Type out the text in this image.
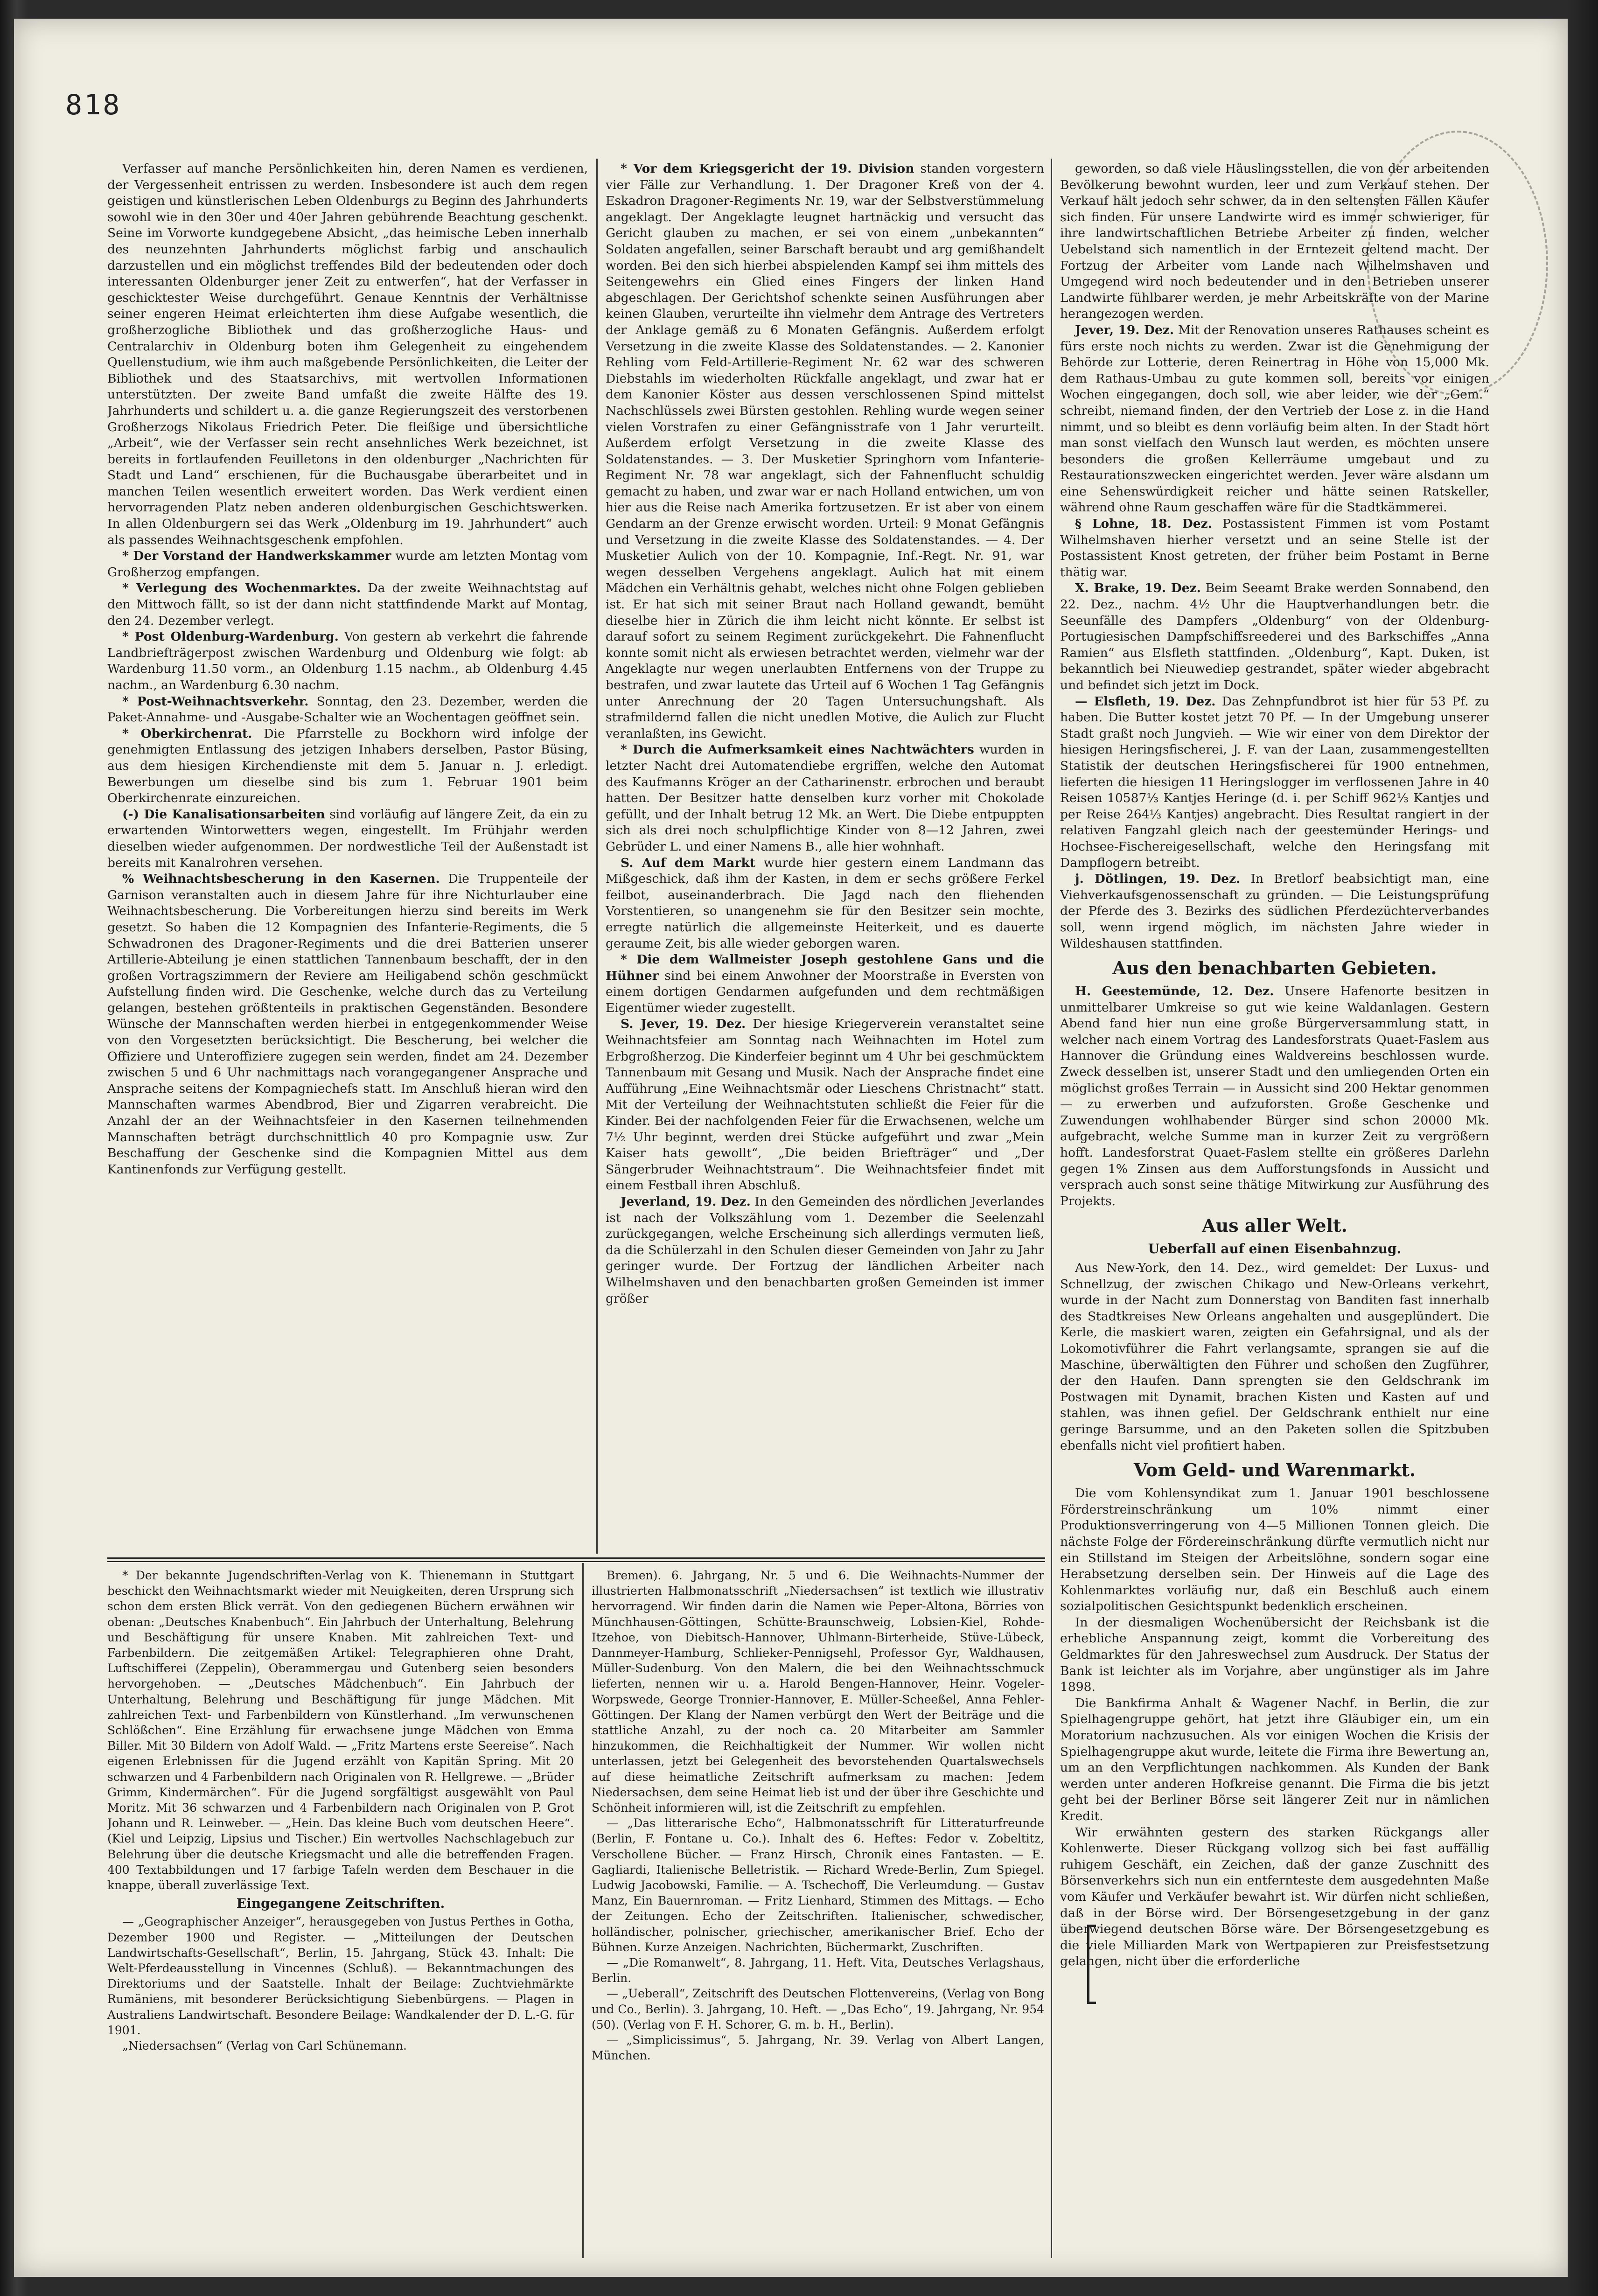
818

Verfasser auf manche Persönlichkeiten hin, deren Namen es verdienen, der Vergessenheit entrissen zu werden. Insbesondere ist auch dem regen geistigen und künstlerischen Leben Oldenburgs zu Beginn des Jahrhunderts sowohl wie in den 30er und 40er Jahren gebührende Beachtung geschenkt. Seine im Vorworte kundgegebene Absicht, „das heimische Leben innerhalb des neunzehnten Jahrhunderts möglichst farbig und anschaulich darzustellen und ein möglichst treffendes Bild der bedeutenden oder doch interessanten Oldenburger jener Zeit zu entwerfen“, hat der Verfasser in geschicktester Weise durchgeführt. Genaue Kenntnis der Verhältnisse seiner engeren Heimat erleichterten ihm diese Aufgabe wesentlich, die großherzogliche Bibliothek und das großherzogliche Haus- und Centralarchiv in Oldenburg boten ihm Gelegenheit zu eingehendem Quellenstudium, wie ihm auch maßgebende Persönlichkeiten, die Leiter der Bibliothek und des Staatsarchivs, mit wertvollen Informationen unterstützten. Der zweite Band umfaßt die zweite Hälfte des 19. Jahrhunderts und schildert u. a. die ganze Regierungszeit des verstorbenen Großherzogs Nikolaus Friedrich Peter. Die fleißige und übersichtliche „Arbeit“, wie der Verfasser sein recht ansehnliches Werk bezeichnet, ist bereits in fortlaufenden Feuilletons in den oldenburger „Nachrichten für Stadt und Land“ erschienen, für die Buchausgabe überarbeitet und in manchen Teilen wesentlich erweitert worden. Das Werk verdient einen hervorragenden Platz neben anderen oldenburgischen Geschichtswerken. In allen Oldenburgern sei das Werk „Oldenburg im 19. Jahrhundert“ auch als passendes Weihnachtsgeschenk empfohlen.

* Der Vorstand der Handwerkskammer wurde am letzten Montag vom Großherzog empfangen.

* Verlegung des Wochenmarktes. Da der zweite Weihnachtstag auf den Mittwoch fällt, so ist der dann nicht stattfindende Markt auf Montag, den 24. Dezember verlegt.

* Post Oldenburg-Wardenburg. Von gestern ab verkehrt die fahrende Landbriefträgerpost zwischen Wardenburg und Oldenburg wie folgt: ab Wardenburg 11.50 vorm., an Oldenburg 1.15 nachm., ab Oldenburg 4.45 nachm., an Wardenburg 6.30 nachm.

* Post-Weihnachtsverkehr. Sonntag, den 23. Dezember, werden die Paket-Annahme- und -Ausgabe-Schalter wie an Wochentagen geöffnet sein.

* Oberkirchenrat. Die Pfarrstelle zu Bockhorn wird infolge der genehmigten Entlassung des jetzigen Inhabers derselben, Pastor Büsing, aus dem hiesigen Kirchendienste mit dem 5. Januar n. J. erledigt. Bewerbungen um dieselbe sind bis zum 1. Februar 1901 beim Oberkirchenrate einzureichen.

(-) Die Kanalisationsarbeiten sind vorläufig auf längere Zeit, da ein zu erwartenden Wintorwetters wegen, eingestellt. Im Frühjahr werden dieselben wieder aufgenommen. Der nordwestliche Teil der Außenstadt ist bereits mit Kanalrohren versehen.

% Weihnachtsbescherung in den Kasernen. Die Truppenteile der Garnison veranstalten auch in diesem Jahre für ihre Nichturlauber eine Weihnachtsbescherung. Die Vorbereitungen hierzu sind bereits im Werk gesetzt. So haben die 12 Kompagnien des Infanterie-Regiments, die 5 Schwadronen des Dragoner-Regiments und die drei Batterien unserer Artillerie-Abteilung je einen stattlichen Tannenbaum beschafft, der in den großen Vortragszimmern der Reviere am Heiligabend schön geschmückt Aufstellung finden wird. Die Geschenke, welche durch das zu Verteilung gelangen, bestehen größtenteils in praktischen Gegenständen. Besondere Wünsche der Mannschaften werden hierbei in entgegenkommender Weise von den Vorgesetzten berücksichtigt. Die Bescherung, bei welcher die Offiziere und Unteroffiziere zugegen sein werden, findet am 24. Dezember zwischen 5 und 6 Uhr nachmittags nach vorangegangener Ansprache und Ansprache seitens der Kompagniechefs statt. Im Anschluß hieran wird den Mannschaften warmes Abendbrod, Bier und Zigarren verabreicht. Die Anzahl der an der Weihnachtsfeier in den Kasernen teilnehmenden Mannschaften beträgt durchschnittlich 40 pro Kompagnie usw. Zur Beschaffung der Geschenke sind die Kompagnien Mittel aus dem Kantinenfonds zur Verfügung gestellt.

* Vor dem Kriegsgericht der 19. Division standen vorgestern vier Fälle zur Verhandlung. 1. Der Dragoner Kreß von der 4. Eskadron Dragoner-Regiments Nr. 19, war der Selbstverstümmelung angeklagt. Der Angeklagte leugnet hartnäckig und versucht das Gericht glauben zu machen, er sei von einem „unbekannten“ Soldaten angefallen, seiner Barschaft beraubt und arg gemißhandelt worden. Bei den sich hierbei abspielenden Kampf sei ihm mittels des Seitengewehrs ein Glied eines Fingers der linken Hand abgeschlagen. Der Gerichtshof schenkte seinen Ausführungen aber keinen Glauben, verurteilte ihn vielmehr dem Antrage des Vertreters der Anklage gemäß zu 6 Monaten Gefängnis. Außerdem erfolgt Versetzung in die zweite Klasse des Soldatenstandes. — 2. Kanonier Rehling vom Feld-Artillerie-Regiment Nr. 62 war des schweren Diebstahls im wiederholten Rückfalle angeklagt, und zwar hat er dem Kanonier Köster aus dessen verschlossenen Spind mittelst Nachschlüssels zwei Bürsten gestohlen. Rehling wurde wegen seiner vielen Vorstrafen zu einer Gefängnisstrafe von 1 Jahr verurteilt. Außerdem erfolgt Versetzung in die zweite Klasse des Soldatenstandes. — 3. Der Musketier Springhorn vom Infanterie-Regiment Nr. 78 war angeklagt, sich der Fahnenflucht schuldig gemacht zu haben, und zwar war er nach Holland entwichen, um von hier aus die Reise nach Amerika fortzusetzen. Er ist aber von einem Gendarm an der Grenze erwischt worden. Urteil: 9 Monat Gefängnis und Versetzung in die zweite Klasse des Soldatenstandes. — 4. Der Musketier Aulich von der 10. Kompagnie, Inf.-Regt. Nr. 91, war wegen desselben Vergehens angeklagt. Aulich hat mit einem Mädchen ein Verhältnis gehabt, welches nicht ohne Folgen geblieben ist. Er hat sich mit seiner Braut nach Holland gewandt, bemüht dieselbe hier in Zürich die ihm leicht nicht könnte. Er selbst ist darauf sofort zu seinem Regiment zurückgekehrt. Die Fahnenflucht konnte somit nicht als erwiesen betrachtet werden, vielmehr war der Angeklagte nur wegen unerlaubten Entfernens von der Truppe zu bestrafen, und zwar lautete das Urteil auf 6 Wochen 1 Tag Gefängnis unter Anrechnung der 20 Tagen Untersuchungshaft. Als strafmildernd fallen die nicht unedlen Motive, die Aulich zur Flucht veranlaßten, ins Gewicht.

* Durch die Aufmerksamkeit eines Nachtwächters wurden in letzter Nacht drei Automatendiebe ergriffen, welche den Automat des Kaufmanns Kröger an der Catharinenstr. erbrochen und beraubt hatten. Der Besitzer hatte denselben kurz vorher mit Chokolade gefüllt, und der Inhalt betrug 12 Mk. an Wert. Die Diebe entpuppten sich als drei noch schulpflichtige Kinder von 8—12 Jahren, zwei Gebrüder L. und einer Namens B., alle hier wohnhaft.

S. Auf dem Markt wurde hier gestern einem Landmann das Mißgeschick, daß ihm der Kasten, in dem er sechs größere Ferkel feilbot, auseinanderbrach. Die Jagd nach den fliehenden Vorstentieren, so unangenehm sie für den Besitzer sein mochte, erregte natürlich die allgemeinste Heiterkeit, und es dauerte geraume Zeit, bis alle wieder geborgen waren.

* Die dem Wallmeister Joseph gestohlene Gans und die Hühner sind bei einem Anwohner der Moorstraße in Eversten von einem dortigen Gendarmen aufgefunden und dem rechtmäßigen Eigentümer wieder zugestellt.

S. Jever, 19. Dez. Der hiesige Kriegerverein veranstaltet seine Weihnachtsfeier am Sonntag nach Weihnachten im Hotel zum Erbgroßherzog. Die Kinderfeier beginnt um 4 Uhr bei geschmücktem Tannenbaum mit Gesang und Musik. Nach der Ansprache findet eine Aufführung „Eine Weihnachtsmär oder Lieschens Christnacht“ statt. Mit der Verteilung der Weihnachtstuten schließt die Feier für die Kinder. Bei der nachfolgenden Feier für die Erwachsenen, welche um 7½ Uhr beginnt, werden drei Stücke aufgeführt und zwar „Mein Kaiser hats gewollt“, „Die beiden Briefträger“ und „Der Sängerbruder Weihnachtstraum“. Die Weihnachtsfeier findet mit einem Festball ihren Abschluß.

Jeverland, 19. Dez. In den Gemeinden des nördlichen Jeverlandes ist nach der Volkszählung vom 1. Dezember die Seelenzahl zurückgegangen, welche Erscheinung sich allerdings vermuten ließ, da die Schülerzahl in den Schulen dieser Gemeinden von Jahr zu Jahr geringer wurde. Der Fortzug der ländlichen Arbeiter nach Wilhelmshaven und den benachbarten großen Gemeinden ist immer größer

geworden, so daß viele Häuslingsstellen, die von der arbeitenden Bevölkerung bewohnt wurden, leer und zum Verkauf stehen. Der Verkauf hält jedoch sehr schwer, da in den seltensten Fällen Käufer sich finden. Für unsere Landwirte wird es immer schwieriger, für ihre landwirtschaftlichen Betriebe Arbeiter zu finden, welcher Uebelstand sich namentlich in der Erntezeit geltend macht. Der Fortzug der Arbeiter vom Lande nach Wilhelmshaven und Umgegend wird noch bedeutender und in den Betrieben unserer Landwirte fühlbarer werden, je mehr Arbeitskräfte von der Marine herangezogen werden.

Jever, 19. Dez. Mit der Renovation unseres Rathauses scheint es fürs erste noch nichts zu werden. Zwar ist die Genehmigung der Behörde zur Lotterie, deren Reinertrag in Höhe von 15,000 Mk. dem Rathaus-Umbau zu gute kommen soll, bereits vor einigen Wochen eingegangen, doch soll, wie aber leider, wie der „Gem.“ schreibt, niemand finden, der den Vertrieb der Lose z. in die Hand nimmt, und so bleibt es denn vorläufig beim alten. In der Stadt hört man sonst vielfach den Wunsch laut werden, es möchten unsere besonders die großen Kellerräume umgebaut und zu Restaurationszwecken eingerichtet werden. Jever wäre alsdann um eine Sehenswürdigkeit reicher und hätte seinen Ratskeller, während ohne Raum geschaffen wäre für die Stadtkämmerei.

§ Lohne, 18. Dez. Postassistent Fimmen ist vom Postamt Wilhelmshaven hierher versetzt und an seine Stelle ist der Postassistent Knost getreten, der früher beim Postamt in Berne thätig war.

X. Brake, 19. Dez. Beim Seeamt Brake werden Sonnabend, den 22. Dez., nachm. 4½ Uhr die Hauptverhandlungen betr. die Seeunfälle des Dampfers „Oldenburg“ von der Oldenburg-Portugiesischen Dampfschiffsreederei und des Barkschiffes „Anna Ramien“ aus Elsfleth stattfinden. „Oldenburg“, Kapt. Duken, ist bekanntlich bei Nieuwediep gestrandet, später wieder abgebracht und befindet sich jetzt im Dock.

— Elsfleth, 19. Dez. Das Zehnpfundbrot ist hier für 53 Pf. zu haben. Die Butter kostet jetzt 70 Pf. — In der Umgebung unserer Stadt graßt noch Jungvieh. — Wie wir einer von dem Direktor der hiesigen Heringsfischerei, J. F. van der Laan, zusammengestellten Statistik der deutschen Heringsfischerei für 1900 entnehmen, lieferten die hiesigen 11 Heringslogger im verflossenen Jahre in 40 Reisen 10587⅓ Kantjes Heringe (d. i. per Schiff 962⅓ Kantjes und per Reise 264⅓ Kantjes) angebracht. Dies Resultat rangiert in der relativen Fangzahl gleich nach der geestemünder Herings- und Hochsee-Fischereigesellschaft, welche den Heringsfang mit Dampflogern betreibt.

j. Dötlingen, 19. Dez. In Bretlorf beabsichtigt man, eine Viehverkaufsgenossenschaft zu gründen. — Die Leistungsprüfung der Pferde des 3. Bezirks des südlichen Pferdezüchterverbandes soll, wenn irgend möglich, im nächsten Jahre wieder in Wildeshausen stattfinden.

Aus den benachbarten Gebieten.

H. Geestemünde, 12. Dez. Unsere Hafenorte besitzen in unmittelbarer Umkreise so gut wie keine Waldanlagen. Gestern Abend fand hier nun eine große Bürgerversammlung statt, in welcher nach einem Vortrag des Landesforstrats Quaet-Faslem aus Hannover die Gründung eines Waldvereins beschlossen wurde. Zweck desselben ist, unserer Stadt und den umliegenden Orten ein möglichst großes Terrain — in Aussicht sind 200 Hektar genommen — zu erwerben und aufzuforsten. Große Geschenke und Zuwendungen wohlhabender Bürger sind schon 20000 Mk. aufgebracht, welche Summe man in kurzer Zeit zu vergrößern hofft. Landesforstrat Quaet-Faslem stellte ein größeres Darlehn gegen 1% Zinsen aus dem Aufforstungsfonds in Aussicht und versprach auch sonst seine thätige Mitwirkung zur Ausführung des Projekts.

Aus aller Welt.
Ueberfall auf einen Eisenbahnzug.

Aus New-York, den 14. Dez., wird gemeldet: Der Luxus- und Schnellzug, der zwischen Chikago und New-Orleans verkehrt, wurde in der Nacht zum Donnerstag von Banditen fast innerhalb des Stadtkreises New Orleans angehalten und ausgeplündert. Die Kerle, die maskiert waren, zeigten ein Gefahrsignal, und als der Lokomotivführer die Fahrt verlangsamte, sprangen sie auf die Maschine, überwältigten den Führer und schoßen den Zugführer, der den Haufen. Dann sprengten sie den Geldschrank im Postwagen mit Dynamit, brachen Kisten und Kasten auf und stahlen, was ihnen gefiel. Der Geldschrank enthielt nur eine geringe Barsumme, und an den Paketen sollen die Spitzbuben ebenfalls nicht viel profitiert haben.

Vom Geld- und Warenmarkt.

Die vom Kohlensyndikat zum 1. Januar 1901 beschlossene Förderstreinschränkung um 10% nimmt einer Produktionsverringerung von 4—5 Millionen Tonnen gleich. Die nächste Folge der Fördereinschränkung dürfte vermutlich nicht nur ein Stillstand im Steigen der Arbeitslöhne, sondern sogar eine Herabsetzung derselben sein. Der Hinweis auf die Lage des Kohlenmarktes vorläufig nur, daß ein Beschluß auch einem sozialpolitischen Gesichtspunkt bedenklich erscheinen.

In der diesmaligen Wochenübersicht der Reichsbank ist die erhebliche Anspannung zeigt, kommt die Vorbereitung des Geldmarktes für den Jahreswechsel zum Ausdruck. Der Status der Bank ist leichter als im Vorjahre, aber ungünstiger als im Jahre 1898.

Die Bankfirma Anhalt & Wagener Nachf. in Berlin, die zur Spielhagengruppe gehört, hat jetzt ihre Gläubiger ein, um ein Moratorium nachzusuchen. Als vor einigen Wochen die Krisis der Spielhagengruppe akut wurde, leitete die Firma ihre Bewertung an, um an den Verpflichtungen nachkommen. Als Kunden der Bank werden unter anderen Hofkreise genannt. Die Firma die bis jetzt geht bei der Berliner Börse seit längerer Zeit nur in nämlichen Kredit.

Wir erwähnten gestern des starken Rückgangs aller Kohlenwerte. Dieser Rückgang vollzog sich bei fast auffällig ruhigem Geschäft, ein Zeichen, daß der ganze Zuschnitt des Börsenverkehrs sich nun ein entfernteste dem ausgedehnten Maße vom Käufer und Verkäufer bewahrt ist. Wir dürfen nicht schließen, daß in der Börse wird. Der Börsengesetzgebung in der ganz überwiegend deutschen Börse wäre. Der Börsengesetzgebung es die viele Milliarden Mark von Wertpapieren zur Preisfestsetzung gelangen, nicht über die erforderliche

* Der bekannte Jugendschriften-Verlag von K. Thienemann in Stuttgart beschickt den Weihnachtsmarkt wieder mit Neuigkeiten, deren Ursprung sich schon dem ersten Blick verrät. Von den gediegenen Büchern erwähnen wir obenan: „Deutsches Knabenbuch“. Ein Jahrbuch der Unterhaltung, Belehrung und Beschäftigung für unsere Knaben. Mit zahlreichen Text- und Farbenbildern. Die zeitgemäßen Artikel: Telegraphieren ohne Draht, Luftschifferei (Zeppelin), Oberammergau und Gutenberg seien besonders hervorgehoben. — „Deutsches Mädchenbuch“. Ein Jahrbuch der Unterhaltung, Belehrung und Beschäftigung für junge Mädchen. Mit zahlreichen Text- und Farbenbildern von Künstlerhand. „Im verwunschenen Schlößchen“. Eine Erzählung für erwachsene junge Mädchen von Emma Biller. Mit 30 Bildern von Adolf Wald. — „Fritz Martens erste Seereise“. Nach eigenen Erlebnissen für die Jugend erzählt von Kapitän Spring. Mit 20 schwarzen und 4 Farbenbildern nach Originalen von R. Hellgrewe. — „Brüder Grimm, Kindermärchen“. Für die Jugend sorgfältigst ausgewählt von Paul Moritz. Mit 36 schwarzen und 4 Farbenbildern nach Originalen von P. Grot Johann und R. Leinweber. — „Hein. Das kleine Buch vom deutschen Heere“. (Kiel und Leipzig, Lipsius und Tischer.) Ein wertvolles Nachschlagebuch zur Belehrung über die deutsche Kriegsmacht und alle die betreffenden Fragen. 400 Textabbildungen und 17 farbige Tafeln werden dem Beschauer in die knappe, überall zuverlässige Text.

Eingegangene Zeitschriften.

— „Geographischer Anzeiger“, herausgegeben von Justus Perthes in Gotha, Dezember 1900 und Register. — „Mitteilungen der Deutschen Landwirtschafts-Gesellschaft“, Berlin, 15. Jahrgang, Stück 43. Inhalt: Die Welt-Pferdeausstellung in Vincennes (Schluß). — Bekanntmachungen des Direktoriums und der Saatstelle. Inhalt der Beilage: Zuchtviehmärkte Rumäniens, mit besonderer Berücksichtigung Siebenbürgens. — Plagen in Australiens Landwirtschaft. Besondere Beilage: Wandkalender der D. L.-G. für 1901.

„Niedersachsen“ (Verlag von Carl Schünemann.

Bremen). 6. Jahrgang, Nr. 5 und 6. Die Weihnachts-Nummer der illustrierten Halbmonatsschrift „Niedersachsen“ ist textlich wie illustrativ hervorragend. Wir finden darin die Namen wie Peper-Altona, Börries von Münchhausen-Göttingen, Schütte-Braunschweig, Lobsien-Kiel, Rohde-Itzehoe, von Diebitsch-Hannover, Uhlmann-Birterheide, Stüve-Lübeck, Dannmeyer-Hamburg, Schlieker-Pennigsehl, Professor Gyr, Waldhausen, Müller-Sudenburg. Von den Malern, die bei den Weihnachtsschmuck lieferten, nennen wir u. a. Harold Bengen-Hannover, Heinr. Vogeler-Worpswede, George Tronnier-Hannover, E. Müller-Scheeßel, Anna Fehler-Göttingen. Der Klang der Namen verbürgt den Wert der Beiträge und die stattliche Anzahl, zu der noch ca. 20 Mitarbeiter am Sammler hinzukommen, die Reichhaltigkeit der Nummer. Wir wollen nicht unterlassen, jetzt bei Gelegenheit des bevorstehenden Quartalswechsels auf diese heimatliche Zeitschrift aufmerksam zu machen: Jedem Niedersachsen, dem seine Heimat lieb ist und der über ihre Geschichte und Schönheit informieren will, ist die Zeitschrift zu empfehlen.

— „Das litterarische Echo“, Halbmonatsschrift für Litteraturfreunde (Berlin, F. Fontane u. Co.). Inhalt des 6. Heftes: Fedor v. Zobeltitz, Verschollene Bücher. — Franz Hirsch, Chronik eines Fantasten. — E. Gagliardi, Italienische Belletristik. — Richard Wrede-Berlin, Zum Spiegel. Ludwig Jacobowski, Familie. — A. Tschechoff, Die Verleumdung. — Gustav Manz, Ein Bauernroman. — Fritz Lienhard, Stimmen des Mittags. — Echo der Zeitungen. Echo der Zeitschriften. Italienischer, schwedischer, holländischer, polnischer, griechischer, amerikanischer Brief. Echo der Bühnen. Kurze Anzeigen. Nachrichten, Büchermarkt, Zuschriften.

— „Die Romanwelt“, 8. Jahrgang, 11. Heft. Vita, Deutsches Verlagshaus, Berlin.

— „Ueberall“, Zeitschrift des Deutschen Flottenvereins, (Verlag von Bong und Co., Berlin). 3. Jahrgang, 10. Heft. — „Das Echo“, 19. Jahrgang, Nr. 954 (50). (Verlag von F. H. Schorer, G. m. b. H., Berlin).

— „Simplicissimus“, 5. Jahrgang, Nr. 39. Verlag von Albert Langen, München.
